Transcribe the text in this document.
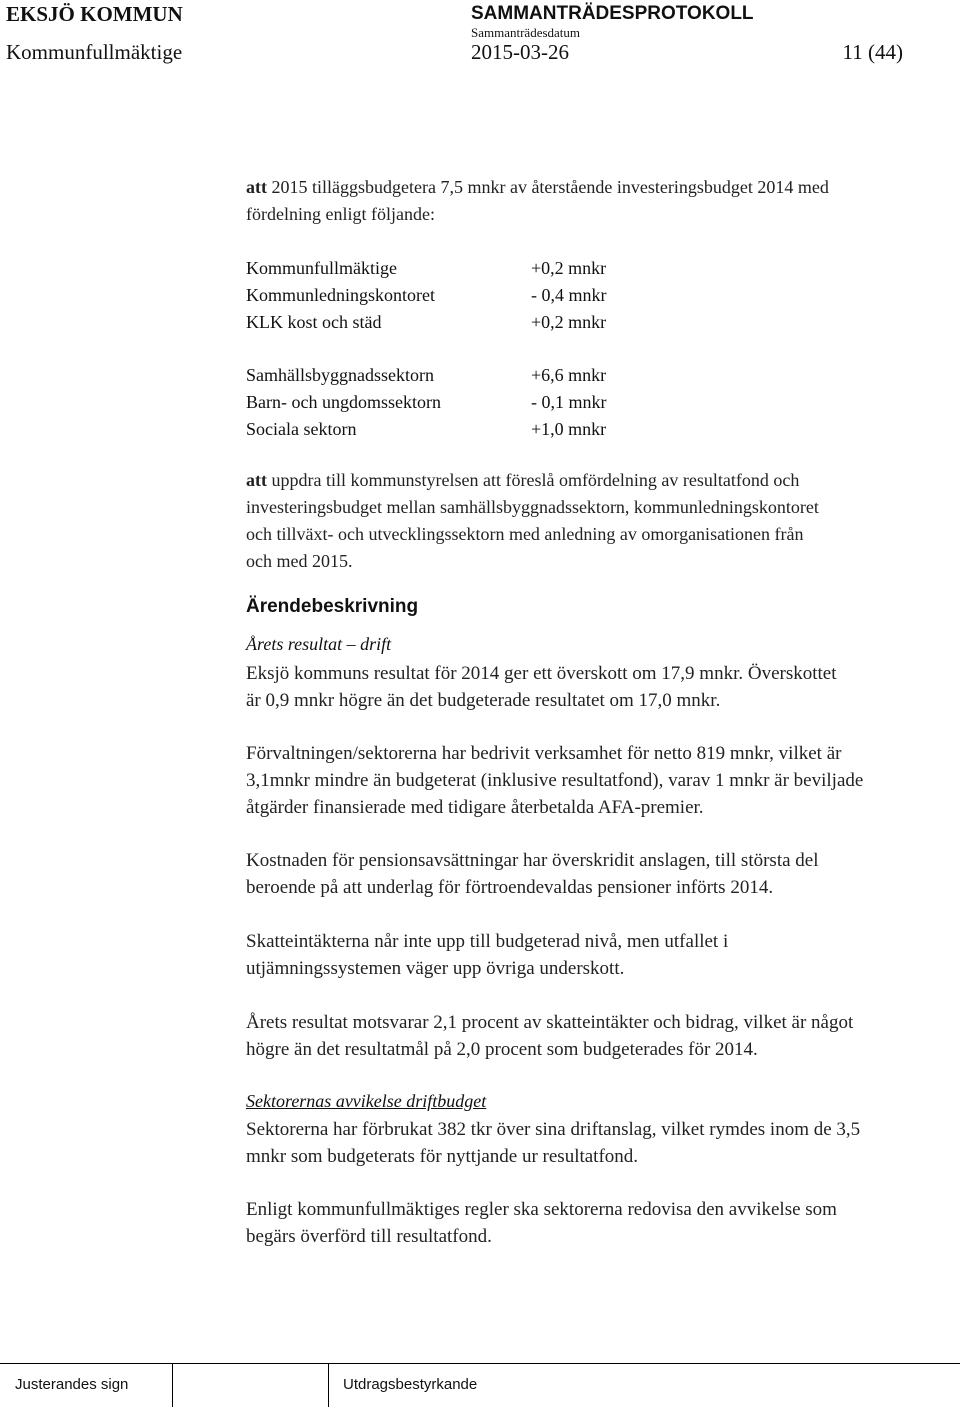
EKSJÖ KOMMUN	SAMMANTRÄDESPROTOKOLL
Sammanträdesdatum
Kommunfullmäktige	2015-03-26	11 (44)
att 2015 tilläggsbudgetera 7,5 mnkr av återstående investeringsbudget 2014 med
fördelning enligt följande:
Kommunfullmäktige	+0,2 mnkr
Kommunledningskontoret	- 0,4 mnkr
KLK kost och städ	+0,2 mnkr
Samhällsbyggnadssektorn	+6,6 mnkr
Barn- och ungdomssektorn	- 0,1 mnkr
Sociala sektorn	+1,0 mnkr
att uppdra till kommunstyrelsen att föreslå omfördelning av resultatfond och
investeringsbudget mellan samhällsbyggnadssektorn, kommunledningskontoret
och tillväxt- och utvecklingssektorn med anledning av omorganisationen från
och med 2015.
Ärendebeskrivning
Årets resultat – drift
Eksjö kommuns resultat för 2014 ger ett överskott om 17,9 mnkr. Överskottet
är 0,9 mnkr högre än det budgeterade resultatet om 17,0 mnkr.
Förvaltningen/sektorerna har bedrivit verksamhet för netto 819 mnkr, vilket är
3,1mnkr mindre än budgeterat (inklusive resultatfond), varav 1 mnkr är beviljade
åtgärder finansierade med tidigare återbetalda AFA-premier.
Kostnaden för pensionsavsättningar har överskridit anslagen, till största del
beroende på att underlag för förtroendevaldas pensioner införts 2014.
Skatteintäkterna når inte upp till budgeterad nivå, men utfallet i
utjämningssystemen väger upp övriga underskott.
Årets resultat motsvarar 2,1 procent av skatteintäkter och bidrag, vilket är något
högre än det resultatmål på 2,0 procent som budgeterades för 2014.
Sektorernas avvikelse driftbudget
Sektorerna har förbrukat 382 tkr över sina driftanslag, vilket rymdes inom de 3,5
mnkr som budgeterats för nyttjande ur resultatfond.
Enligt kommunfullmäktiges regler ska sektorerna redovisa den avvikelse som
begärs överförd till resultatfond.
Justerandes sign	Utdragsbestyrkande
